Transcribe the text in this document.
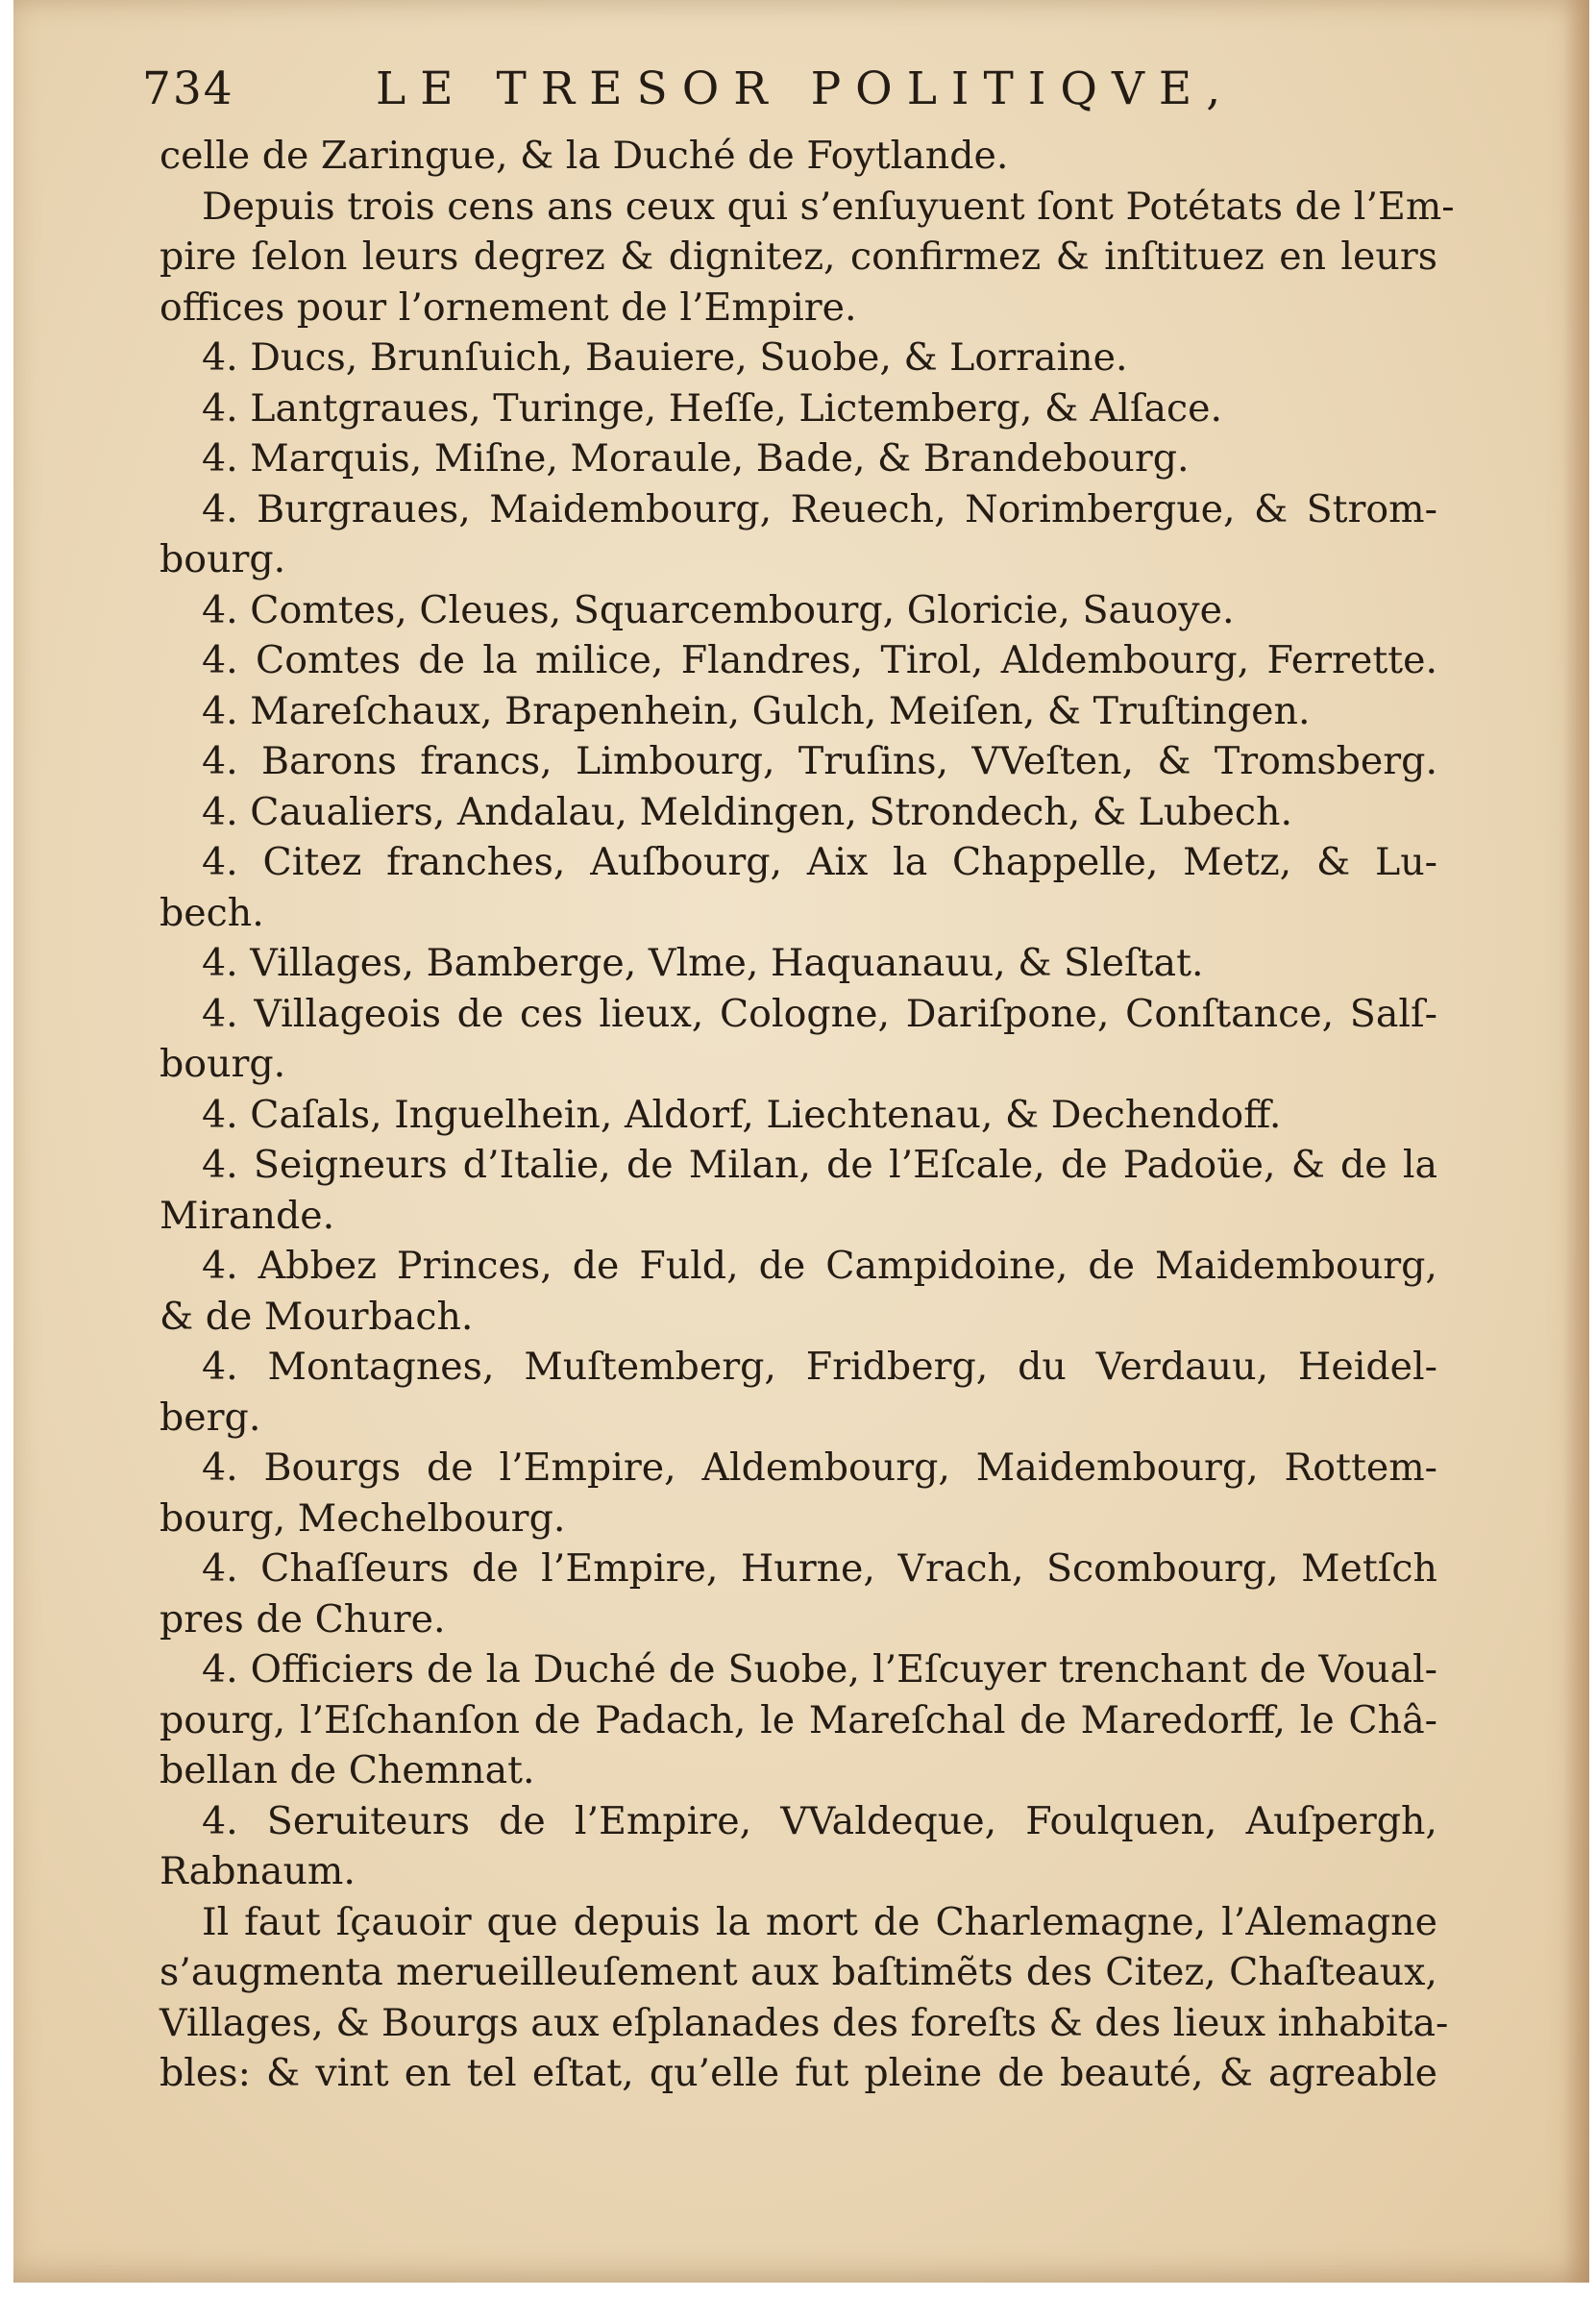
734	LE TRESOR POLITIQVE,
celle de Zaringue, & la Duché de Foytlande.
Depuis trois cens ans ceux qui s’enſuyuent ſont Potétats de l’Em-
pire ſelon leurs degrez & dignitez, confirmez & inſtituez en leurs
offices pour l’ornement de l’Empire.
4. Ducs, Brunſuich, Bauiere, Suobe, & Lorraine.
4. Lantgraues, Turinge, Heſſe, Lictemberg, & Alſace.
4. Marquis, Miſne, Moraule, Bade, & Brandebourg.
4. Burgraues, Maidembourg, Reuech, Norimbergue, & Strom-
bourg.
4. Comtes, Cleues, Squarcembourg, Gloricie, Sauoye.
4. Comtes de la milice, Flandres, Tirol, Aldembourg, Ferrette.
4. Mareſchaux, Brapenhein, Gulch, Meiſen, & Truſtingen.
4. Barons francs, Limbourg, Truſins, VVeſten, & Tromsberg.
4. Caualiers, Andalau, Meldingen, Strondech, & Lubech.
4. Citez franches, Auſbourg, Aix la Chappelle, Metz, & Lu-
bech.
4. Villages, Bamberge, Vlme, Haquanauu, & Sleſtat.
4. Villageois de ces lieux, Cologne, Dariſpone, Conſtance, Salſ-
bourg.
4. Caſals, Inguelhein, Aldorf, Liechtenau, & Dechendoff.
4. Seigneurs d’Italie, de Milan, de l’Eſcale, de Padoüe, & de la
Mirande.
4. Abbez Princes, de Fuld, de Campidoine, de Maidembourg,
& de Mourbach.
4. Montagnes, Muſtemberg, Fridberg, du Verdauu, Heidel-
berg.
4. Bourgs de l’Empire, Aldembourg, Maidembourg, Rottem-
bourg, Mechelbourg.
4. Chaſſeurs de l’Empire, Hurne, Vrach, Scombourg, Metſch
pres de Chure.
4. Officiers de la Duché de Suobe, l’Eſcuyer trenchant de Voual-
pourg, l’Eſchanſon de Padach, le Mareſchal de Maredorff, le Châ-
bellan de Chemnat.
4. Seruiteurs de l’Empire, VValdeque, Foulquen, Auſpergh,
Rabnaum.
Il faut ſçauoir que depuis la mort de Charlemagne, l’Alemagne
s’augmenta merueilleuſement aux baſtimẽts des Citez, Chaſteaux,
Villages, & Bourgs aux eſplanades des foreſts & des lieux inhabita-
bles: & vint en tel eſtat, qu’elle fut pleine de beauté, & agreable
